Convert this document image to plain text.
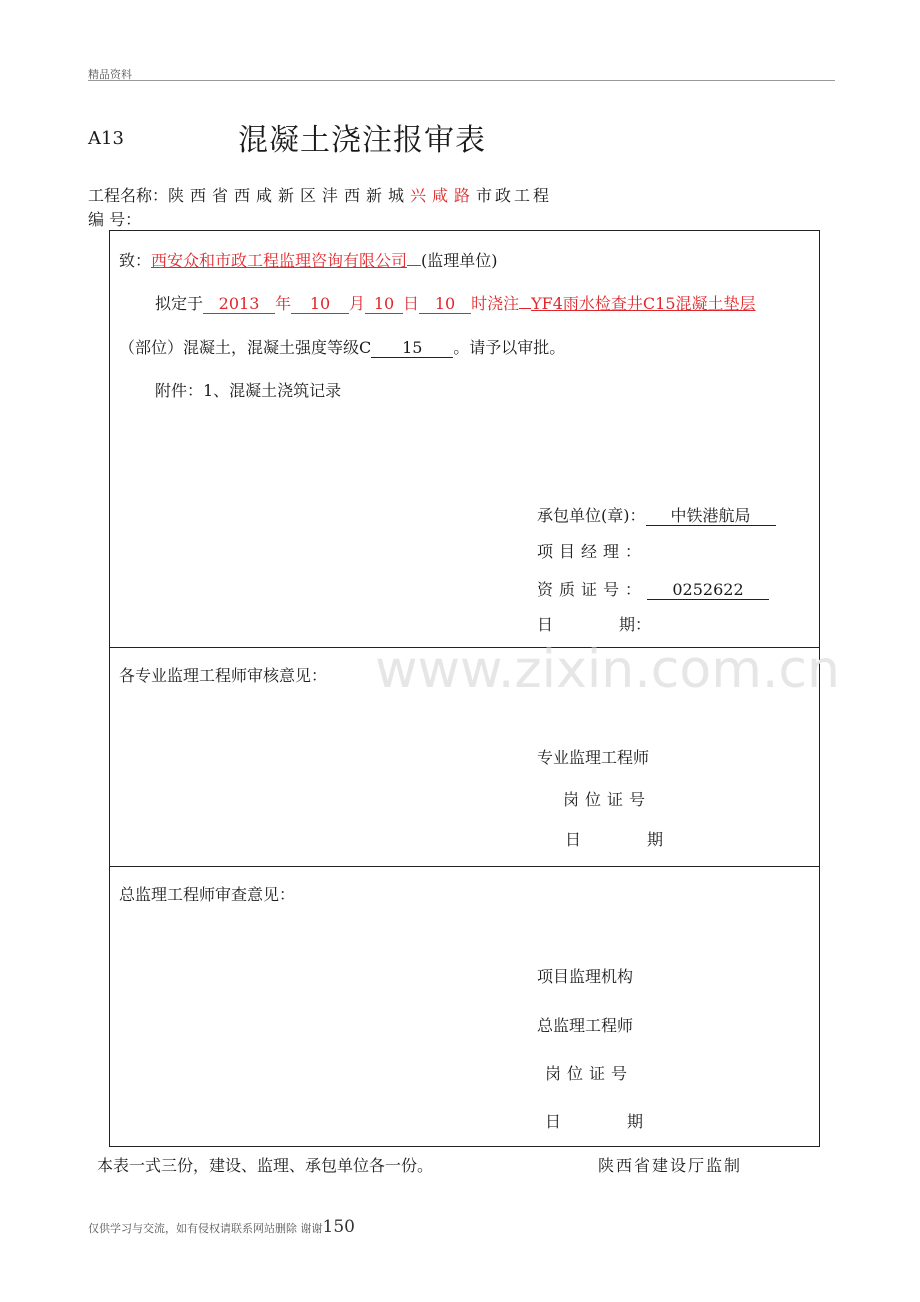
精品资料
A13	混凝土浇注报审表
工程名称：陕西省西咸新区沣西新城兴咸路市政工程
编 号：
致：西安众和市政工程监理咨询有限公司 (监理单位)
拟定于 2013 年 10 月 10 日 10 时浇注 YF4雨水检查井C15混凝土垫层
（部位）混凝土，混凝土强度等级C 15 。请予以审批。
附件：1、混凝土浇筑记录
www.zixin.com.cn
承包单位(章)： 中铁港航局
项目经理：
资质证号： 0252622
日	期：
各专业监理工程师审核意见：
专业监理工程师
岗位证号
日	期
总监理工程师审查意见：
项目监理机构
总监理工程师
岗位证号
日	期
本表一式三份，建设、监理、承包单位各一份。	陕西省建设厅监制
仅供学习与交流，如有侵权请联系网站删除 谢谢150
